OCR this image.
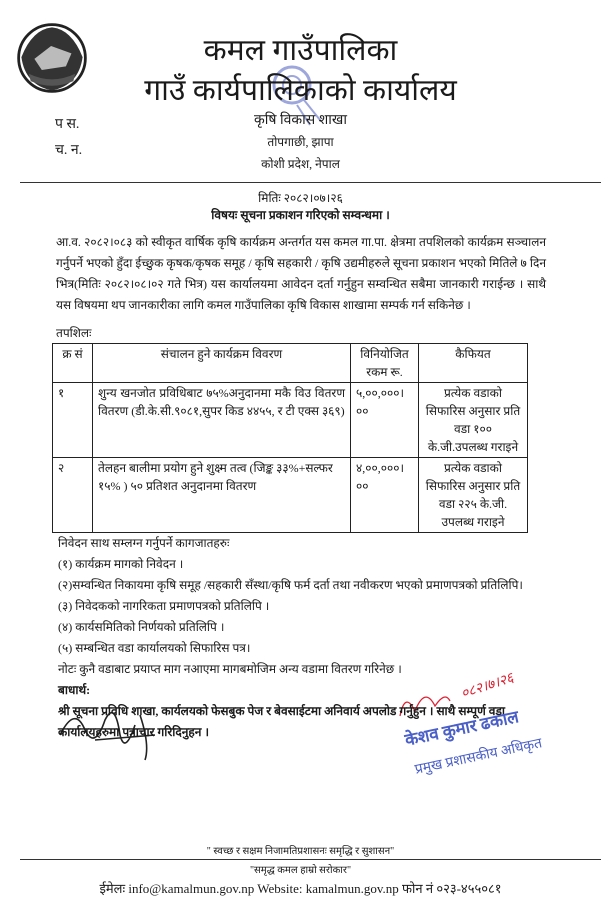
कमल गाउँपालिका
गाउँ कार्यपालिकाको कार्यालय
कृषि विकास शाखा
तोपगाछी, झापा
कोशी प्रदेश, नेपाल
प स.
च. न.
मितिः २०८२।०७।२६
विषयः सूचना प्रकाशन गरिएको सम्वन्धमा ।
आ.व. २०८२।०८३ को स्वीकृत वार्षिक कृषि कार्यक्रम अन्तर्गत यस कमल गा.पा. क्षेत्रमा तपशिलको कार्यक्रम सञ्चालन गर्नुपर्ने भएको हुँदा ईच्छुक कृषक/कृषक समूह / कृषि सहकारी / कृषि उद्यमीहरुले सूचना प्रकाशन भएको मितिले ७ दिन भित्र(मितिः २०८२।०८।०२ गते भित्र) यस कार्यालयमा आवेदन दर्ता गर्नुहुन सम्वन्धित सबैमा जानकारी गराईन्छ । साथै यस विषयमा थप जानकारीका लागि कमल गाउँपालिका कृषि विकास शाखामा सम्पर्क गर्न सकिनेछ ।
तपशिलः
क्र सं	संचालन हुने कार्यक्रम विवरण	विनियोजित रकम रू.	कैफियत
१	शुन्य खनजोत प्रविधिबाट ७५%अनुदानमा मकै विउ वितरण वितरण (डी.के.सी.९०८१,सुपर किड ४४५५, र टी एक्स ३६९)	५,००,०००।००	प्रत्येक वडाको सिफारिस अनुसार प्रति वडा १०० के.जी.उपलब्ध गराइने
२	तेलहन बालीमा प्रयोग हुने शुक्ष्म तत्व (जिङ्क ३३%+सल्फर १५% ) ५० प्रतिशत अनुदानमा वितरण	४,००,०००।००	प्रत्येक वडाको सिफारिस अनुसार प्रति वडा २२५ के.जी. उपलब्ध गराइने
निवेदन साथ सम्लग्न गर्नुपर्ने कागजातहरुः
(१) कार्यक्रम मागको निवेदन ।
(२)सम्वन्धित निकायमा कृषि समूह /सहकारी सँस्था/कृषि फर्म दर्ता तथा नवीकरण भएको प्रमाणपत्रको प्रतिलिपि।
(३) निवेदकको नागरिकता प्रमाणपत्रको प्रतिलिपि ।
(४) कार्यसमितिको निर्णयको प्रतिलिपि ।
(५) सम्बन्धित वडा कार्यालयको सिफारिस पत्र।
नोटः कुनै वडाबाट प्रयाप्त माग नआएमा मागबमोजिम अन्य वडामा वितरण गरिनेछ ।
बाधार्थ:
श्री सूचना प्रविधि शाखा, कार्यलयको फेसबुक पेज र बेवसाईटमा अनिवार्य अपलोड गर्नुहुन । साथै सम्पूर्ण वडा कार्यालयहरुमा पत्राचार गरिदिनुहन ।
०८२।७।२६
केशव कुमार ढकाल
प्रमुख प्रशासकीय अधिकृत
" स्वच्छ र सक्षम निजामतिप्रशासनः समृद्धि र सुशासन"
"समृद्ध कमल हाम्रो सरोकार"
ईमेलः info@kamalmun.gov.np Website: kamalmun.gov.np फोन नं ०२३-४५५०८१
